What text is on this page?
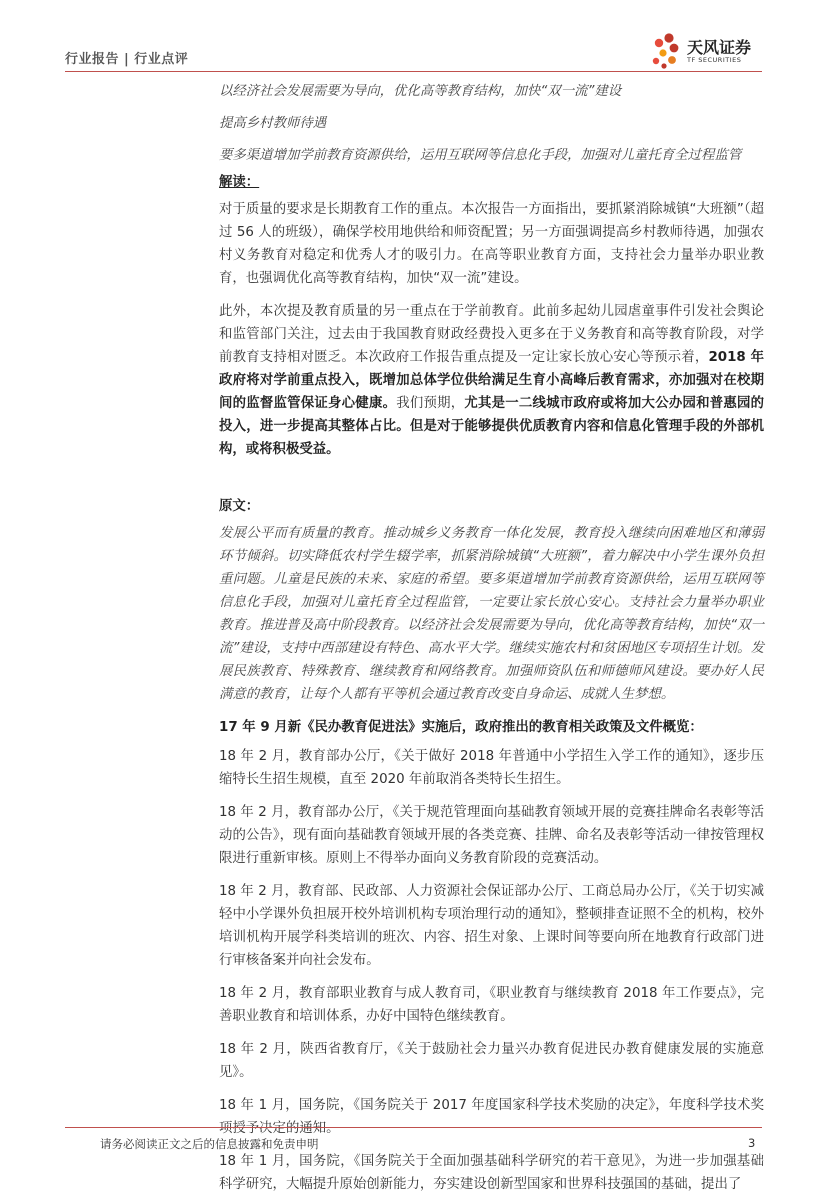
行业报告 | 行业点评
天风证券
TF SECURITIES

以经济社会发展需要为导向，优化高等教育结构，加快“双一流”建设

提高乡村教师待遇

要多渠道增加学前教育资源供给，运用互联网等信息化手段，加强对儿童托育全过程监管

解读：

对于质量的要求是长期教育工作的重点。本次报告一方面指出，要抓紧消除城镇“大班额”（超过 56 人的班级），确保学校用地供给和师资配置；另一方面强调提高乡村教师待遇，加强农村义务教育对稳定和优秀人才的吸引力。在高等职业教育方面，支持社会力量举办职业教育，也强调优化高等教育结构，加快“双一流”建设。

此外，本次提及教育质量的另一重点在于学前教育。此前多起幼儿园虐童事件引发社会舆论和监管部门关注，过去由于我国教育财政经费投入更多在于义务教育和高等教育阶段，对学前教育支持相对匮乏。本次政府工作报告重点提及一定让家长放心安心等预示着，2018 年政府将对学前重点投入，既增加总体学位供给满足生育小高峰后教育需求，亦加强对在校期间的监督监管保证身心健康。我们预期，尤其是一二线城市政府或将加大公办园和普惠园的投入，进一步提高其整体占比。但是对于能够提供优质教育内容和信息化管理手段的外部机构，或将积极受益。

原文：

发展公平而有质量的教育。推动城乡义务教育一体化发展，教育投入继续向困难地区和薄弱环节倾斜。切实降低农村学生辍学率，抓紧消除城镇“大班额”，着力解决中小学生课外负担重问题。儿童是民族的未来、家庭的希望。要多渠道增加学前教育资源供给，运用互联网等信息化手段，加强对儿童托育全过程监管，一定要让家长放心安心。支持社会力量举办职业教育。推进普及高中阶段教育。以经济社会发展需要为导向，优化高等教育结构，加快“双一流”建设，支持中西部建设有特色、高水平大学。继续实施农村和贫困地区专项招生计划。发展民族教育、特殊教育、继续教育和网络教育。加强师资队伍和师德师风建设。要办好人民满意的教育，让每个人都有平等机会通过教育改变自身命运、成就人生梦想。

17 年 9 月新《民办教育促进法》实施后，政府推出的教育相关政策及文件概览：

18 年 2 月，教育部办公厅，《关于做好 2018 年普通中小学招生入学工作的通知》，逐步压缩特长生招生规模，直至 2020 年前取消各类特长生招生。

18 年 2 月，教育部办公厅，《关于规范管理面向基础教育领域开展的竞赛挂牌命名表彰等活动的公告》，现有面向基础教育领域开展的各类竞赛、挂牌、命名及表彰等活动一律按管理权限进行重新审核。原则上不得举办面向义务教育阶段的竞赛活动。

18 年 2 月，教育部、民政部、人力资源社会保证部办公厅、工商总局办公厅，《关于切实减轻中小学课外负担展开校外培训机构专项治理行动的通知》，整顿排查证照不全的机构，校外培训机构开展学科类培训的班次、内容、招生对象、上课时间等要向所在地教育行政部门进行审核备案并向社会发布。

18 年 2 月，教育部职业教育与成人教育司，《职业教育与继续教育 2018 年工作要点》，完善职业教育和培训体系，办好中国特色继续教育。

18 年 2 月，陕西省教育厅，《关于鼓励社会力量兴办教育促进民办教育健康发展的实施意见》。

18 年 1 月，国务院，《国务院关于 2017 年度国家科学技术奖励的决定》，年度科学技术奖项授予决定的通知。

18 年 1 月，国务院，《国务院关于全面加强基础科学研究的若干意见》，为进一步加强基础科学研究，大幅提升原始创新能力，夯实建设创新型国家和世界科技强国的基础，提出了

请务必阅读正文之后的信息披露和免责申明	3
